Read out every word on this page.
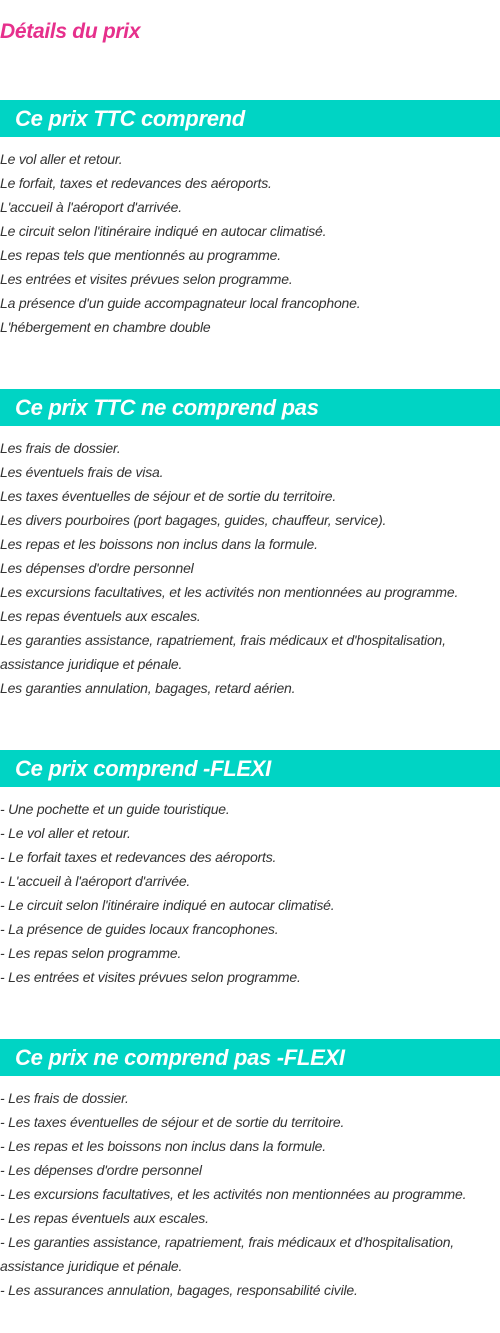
Détails du prix
Ce prix TTC comprend
Le vol aller et retour.
Le forfait, taxes et redevances des aéroports.
L'accueil à l'aéroport d'arrivée.
Le circuit selon l'itinéraire indiqué en autocar climatisé.
Les repas tels que mentionnés au programme.
Les entrées et visites prévues selon programme.
La présence d'un guide accompagnateur local francophone.
L'hébergement en chambre double
Ce prix TTC ne comprend pas
Les frais de dossier.
Les éventuels frais de visa.
Les taxes éventuelles de séjour et de sortie du territoire.
Les divers pourboires (port bagages, guides, chauffeur, service).
Les repas et les boissons non inclus dans la formule.
Les dépenses d'ordre personnel
Les excursions facultatives, et les activités non mentionnées au programme.
Les repas éventuels aux escales.
Les garanties assistance, rapatriement, frais médicaux et d'hospitalisation,
assistance juridique et pénale.
Les garanties annulation, bagages, retard aérien.
Ce prix comprend -FLEXI
- Une pochette et un guide touristique.
- Le vol aller et retour.
- Le forfait taxes et redevances des aéroports.
- L'accueil à l'aéroport d'arrivée.
- Le circuit selon l'itinéraire indiqué en autocar climatisé.
- La présence de guides locaux francophones.
- Les repas selon programme.
- Les entrées et visites prévues selon programme.
Ce prix ne comprend pas -FLEXI
- Les frais de dossier.
- Les taxes éventuelles de séjour et de sortie du territoire.
- Les repas et les boissons non inclus dans la formule.
- Les dépenses d'ordre personnel
- Les excursions facultatives, et les activités non mentionnées au programme.
- Les repas éventuels aux escales.
- Les garanties assistance, rapatriement, frais médicaux et d'hospitalisation,
assistance juridique et pénale.
- Les assurances annulation, bagages, responsabilité civile.
